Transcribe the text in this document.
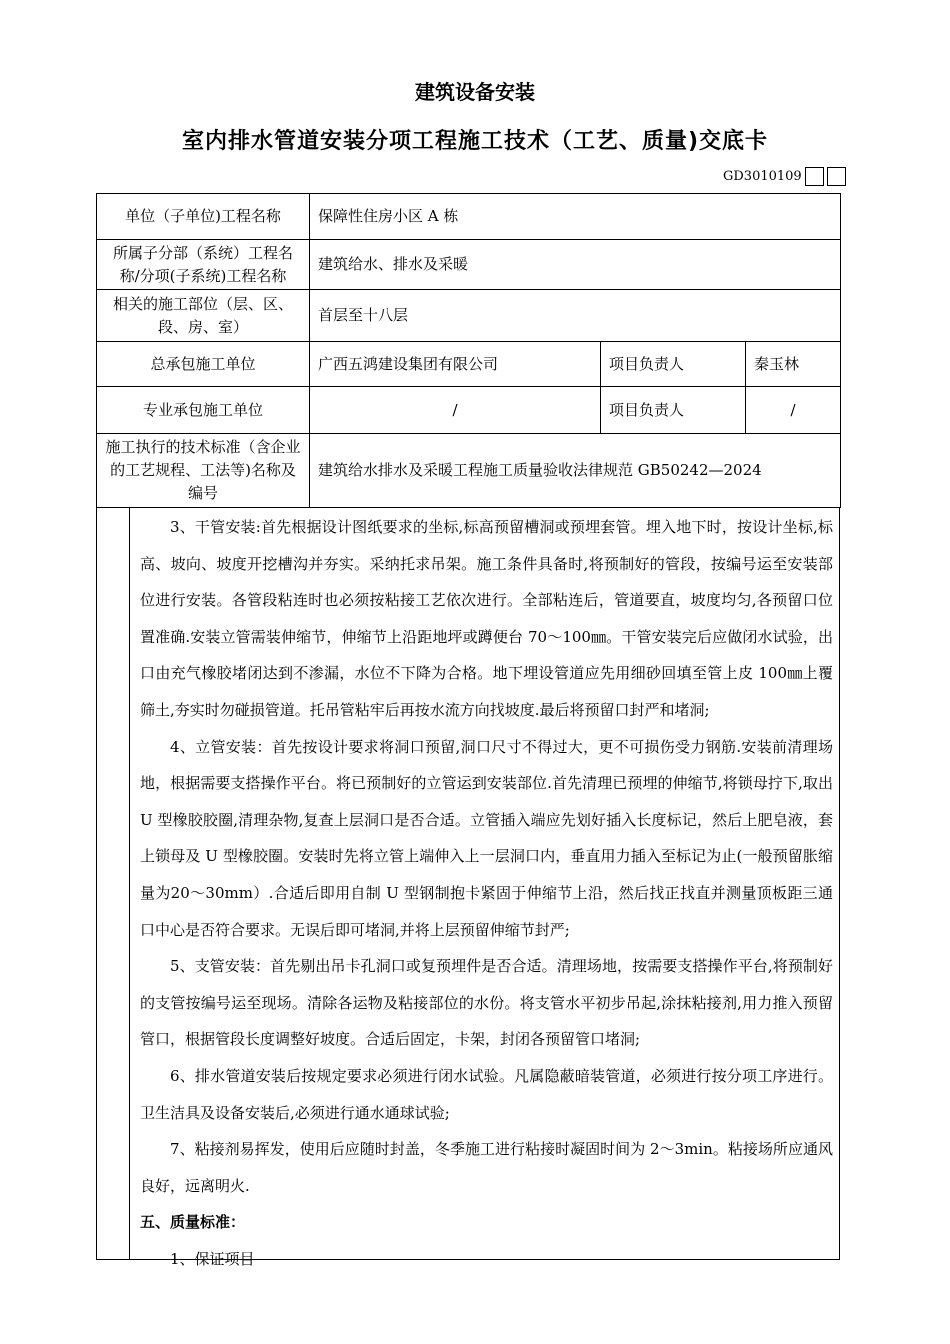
建筑设备安装
室内排水管道安装分项工程施工技术（工艺、质量)交底卡
GD3010109
单位（子单位)工程名称	保障性住房小区 A 栋		
所属子分部（系统）工程名称/分项(子系统)工程名称	建筑给水、排水及采暖		
相关的施工部位（层、区、段、房、室）	首层至十八层		
总承包施工单位	广西五鸿建设集团有限公司	项目负责人	秦玉林
专业承包施工单位	/	项目负责人	/
施工执行的技术标准（含企业的工艺规程、工法等)名称及编号	建筑给水排水及采暖工程施工质量验收法律规范 GB50242—2024		

3、干管安装:首先根据设计图纸要求的坐标,标高预留槽洞或预埋套管。埋入地下时，按设计坐标,标高、坡向、坡度开挖槽沟并夯实。采纳托求吊架。施工条件具备时,将预制好的管段，按编号运至安装部位进行安装。各管段粘连时也必须按粘接工艺依次进行。全部粘连后，管道要直，坡度均匀,各预留口位置准确.安装立管需装伸缩节，伸缩节上沿距地坪或蹲便台 70～100㎜。干管安装完后应做闭水试验，出口由充气橡胶堵闭达到不渗漏，水位不下降为合格。地下埋设管道应先用细砂回填至管上皮 100㎜上覆筛土,夯实时勿碰损管道。托吊管粘牢后再按水流方向找坡度.最后将预留口封严和堵洞;

4、立管安装：首先按设计要求将洞口预留,洞口尺寸不得过大，更不可损伤受力钢筋.安装前清理场地，根据需要支搭操作平台。将已预制好的立管运到安装部位.首先清理已预埋的伸缩节,将锁母拧下,取出U 型橡胶胶圈,清理杂物,复查上层洞口是否合适。立管插入端应先划好插入长度标记，然后上肥皂液，套上锁母及 U 型橡胶圈。安装时先将立管上端伸入上一层洞口内，垂直用力插入至标记为止(一般预留胀缩量为20～30mm）.合适后即用自制 U 型钢制抱卡紧固于伸缩节上沿，然后找正找直并测量顶板距三通口中心是否符合要求。无误后即可堵洞,并将上层预留伸缩节封严;

5、支管安装：首先剔出吊卡孔洞口或复预埋件是否合适。清理场地，按需要支搭操作平台,将预制好的支管按编号运至现场。清除各运物及粘接部位的水份。将支管水平初步吊起,涂抹粘接剂,用力推入预留管口，根据管段长度调整好坡度。合适后固定，卡架，封闭各预留管口堵洞;

6、排水管道安装后按规定要求必须进行闭水试验。凡属隐蔽暗装管道，必须进行按分项工序进行。卫生洁具及设备安装后,必须进行通水通球试验;

7、粘接剂易挥发，使用后应随时封盖，冬季施工进行粘接时凝固时间为 2～3min。粘接场所应通风良好，远离明火.

五、质量标准：

1、保证项目
